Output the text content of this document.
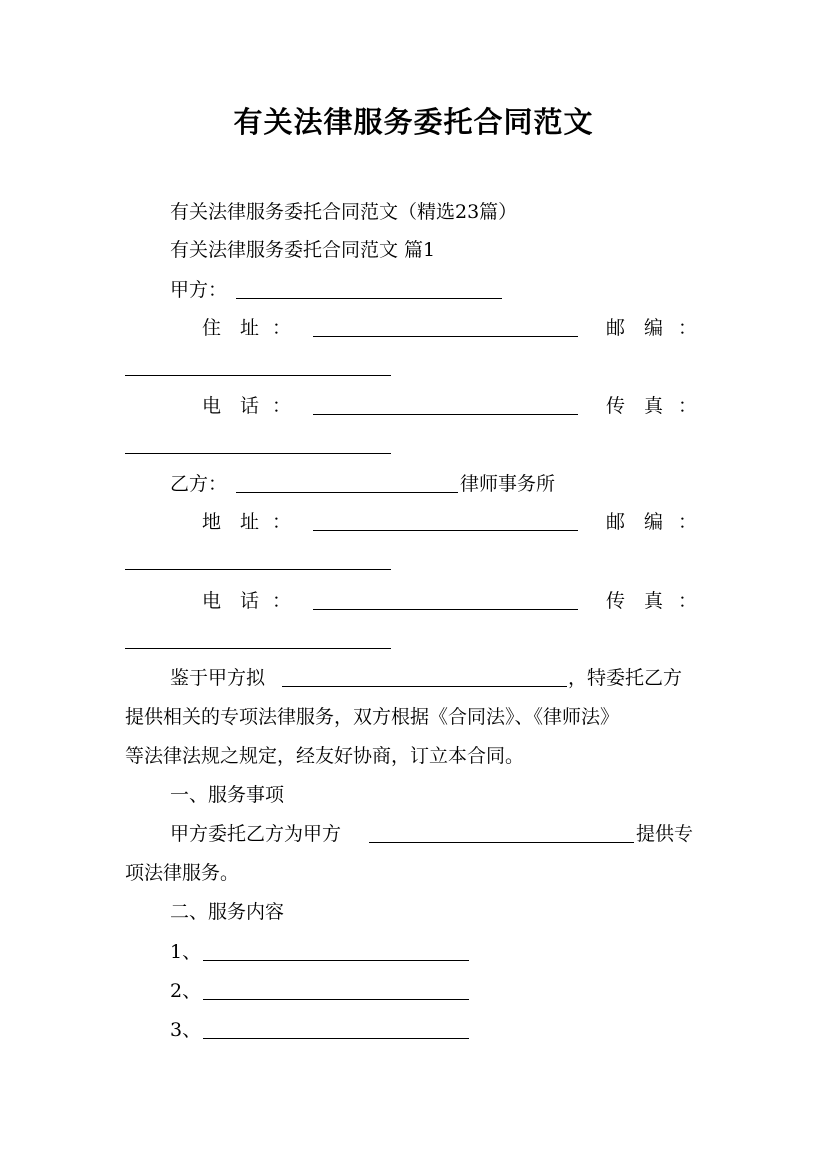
有关法律服务委托合同范文
有关法律服务委托合同范文（精选23篇）
有关法律服务委托合同范文 篇1
甲方：
住 址 ：	邮 编 ：
电 话 ：	传 真 ：
乙方：	律师事务所
地 址 ：	邮 编 ：
电 话 ：	传 真 ：
鉴于甲方拟	，特委托乙方
提供相关的专项法律服务，双方根据《合同法》、《律师法》
等法律法规之规定，经友好协商，订立本合同。
一、服务事项
甲方委托乙方为甲方	提供专
项法律服务。
二、服务内容
1、
2、
3、
